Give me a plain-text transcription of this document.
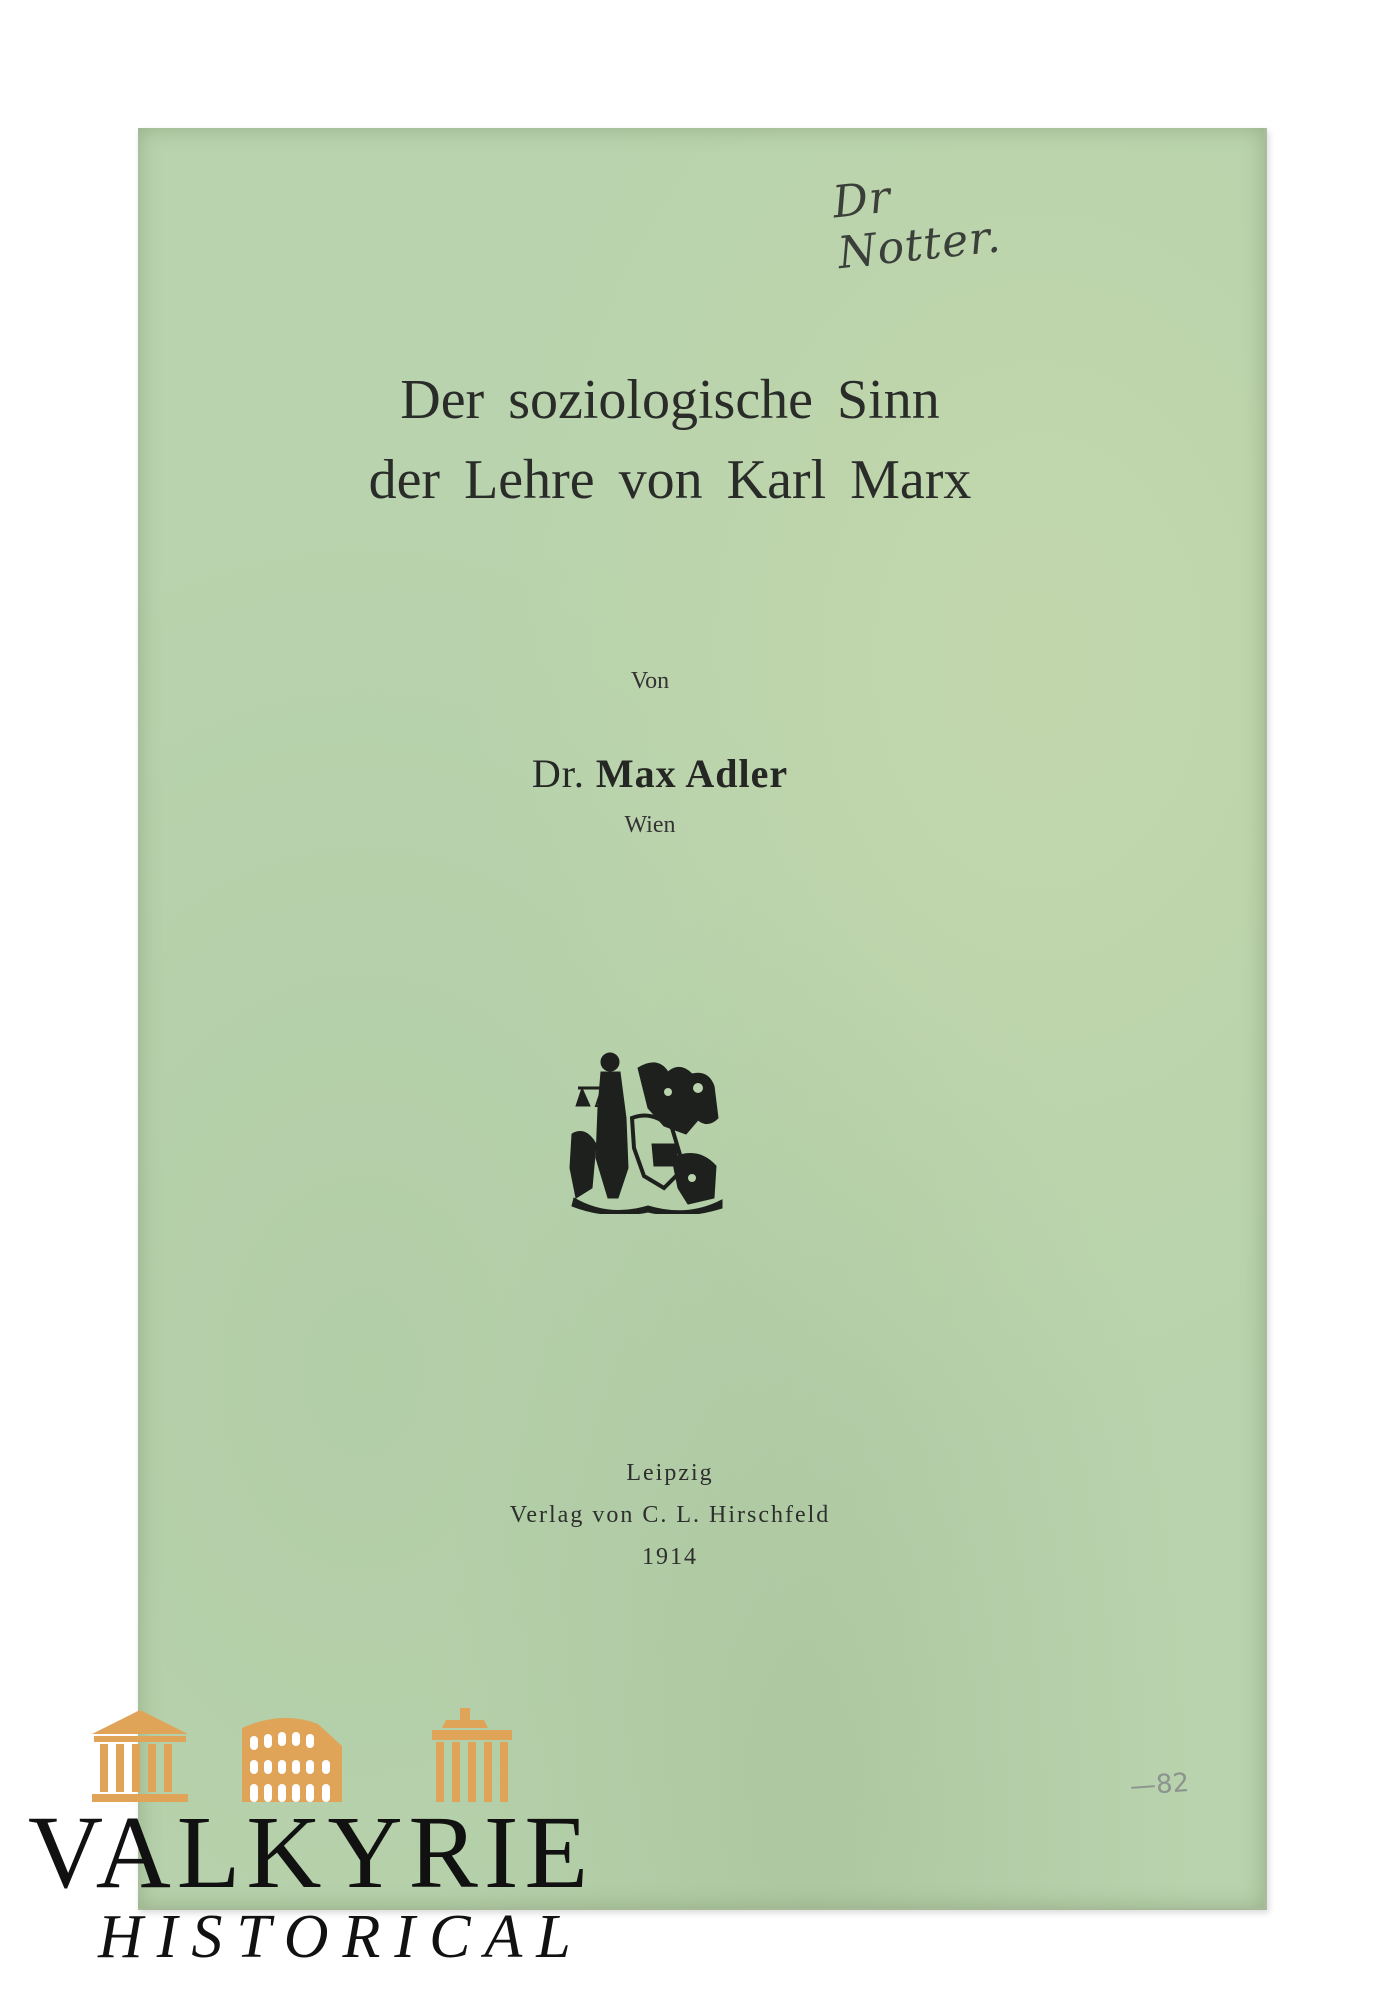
Dr Notter.
Der soziologische Sinn
der Lehre von Karl Marx
Von
Dr. Max Adler
Wien
Leipzig
Verlag von C. L. Hirschfeld
1914
—82
VALKYRIE
HISTORICAL
